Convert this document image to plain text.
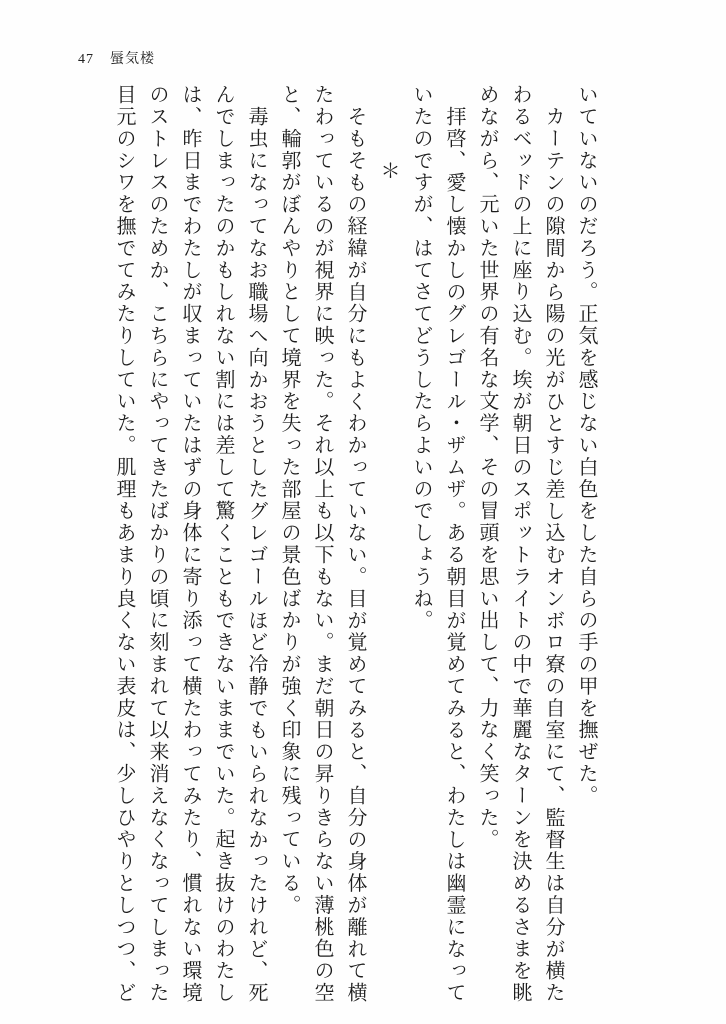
47 蜃気楼

いていないのだろう。正気を感じない白色をした自らの手の甲を撫ぜた。

カーテンの隙間から陽の光がひとすじ差し込むオンボロ寮の自室にて、監督生は自分が横たわるベッドの上に座り込む。埃が朝日のスポットライトの中で華麗なターンを決めるさまを眺めながら、元いた世界の有名な文学、その冒頭を思い出して、力なく笑った。

拝啓、愛し懐かしのグレゴール・ザムザ。ある朝目が覚めてみると、わたしは幽霊になっていたのですが、はてさてどうしたらよいのでしょうね。

＊

そもそもの経緯が自分にもよくわかっていない。目が覚めてみると、自分の身体が離れて横たわっているのが視界に映った。それ以上も以下もない。まだ朝日の昇りきらない薄桃色の空と、輪郭がぼんやりとして境界を失った部屋の景色ばかりが強く印象に残っている。

毒虫になってなお職場へ向かおうとしたグレゴールほど冷静でもいられなかったけれど、死んでしまったのかもしれない割には差して驚くこともできないままでいた。起き抜けのわたしは、昨日までわたしが収まっていたはずの身体に寄り添って横たわってみたり、慣れない環境のストレスのためか、こちらにやってきたばかりの頃に刻まれて以来消えなくなってしまった目元のシワを撫でてみたりしていた。肌理もあまり良くない表皮は、少しひやりとしつつ、ど
